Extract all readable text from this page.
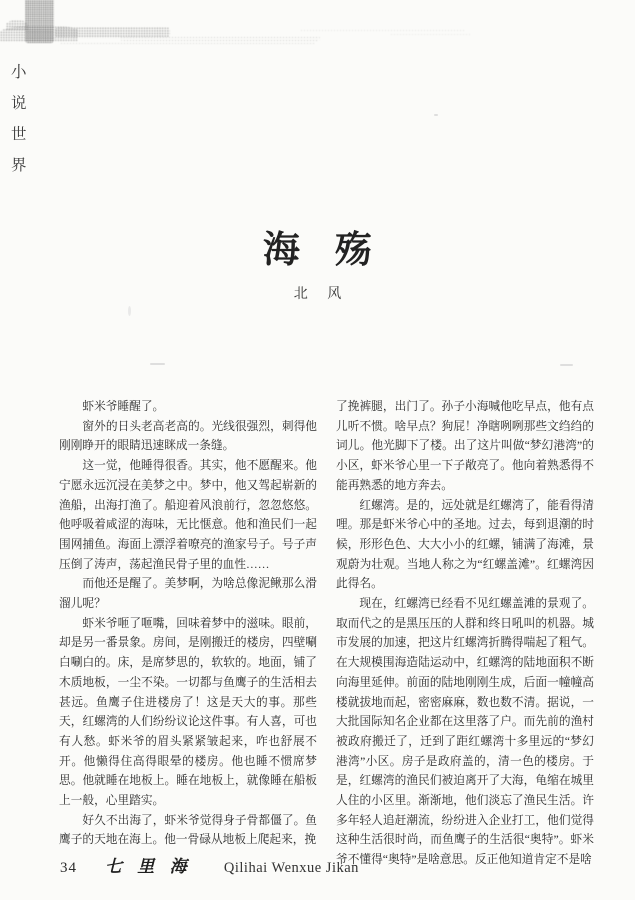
小
说
世
界
海殇
北风

虾米爷睡醒了。

窗外的日头老高老高的。光线很强烈，刺得他刚刚睁开的眼睛迅速眯成一条缝。

这一觉，他睡得很香。其实，他不愿醒来。他宁愿永远沉浸在美梦之中。梦中，他又驾起崭新的渔船，出海打渔了。船迎着风浪前行，忽忽悠悠。他呼吸着咸涩的海味，无比惬意。他和渔民们一起围网捕鱼。海面上漂浮着嘹亮的渔家号子。号子声压倒了涛声，荡起渔民骨子里的血性……

而他还是醒了。美梦啊，为啥总像泥鳅那么滑溜儿呢？

虾米爷咂了咂嘴，回味着梦中的滋味。眼前，却是另一番景象。房间，是刚搬迁的楼房，四壁唰白唰白的。床，是席梦思的，软软的。地面，铺了木质地板，一尘不染。一切都与鱼鹰子的生活相去甚远。鱼鹰子住进楼房了！这是天大的事。那些天，红螺湾的人们纷纷议论这件事。有人喜，可也有人愁。虾米爷的眉头紧紧皱起来，咋也舒展不开。他懒得住高得眼晕的楼房。他也睡不惯席梦思。他就睡在地板上。睡在地板上，就像睡在船板上一般，心里踏实。

好久不出海了，虾米爷觉得身子骨都僵了。鱼鹰子的天地在海上。他一骨碌从地板上爬起来，挽

了挽裤腿，出门了。孙子小海喊他吃早点，他有点儿听不惯。啥早点？狗屁！净瞎咧咧那些文绉绉的词儿。他光脚下了楼。出了这片叫做“梦幻港湾”的小区，虾米爷心里一下子敞亮了。他向着熟悉得不能再熟悉的地方奔去。

红螺湾。是的，远处就是红螺湾了，能看得清哩。那是虾米爷心中的圣地。过去，每到退潮的时候，形形色色、大大小小的红螺，铺满了海滩，景观蔚为壮观。当地人称之为“红螺盖滩”。红螺湾因此得名。

现在，红螺湾已经看不见红螺盖滩的景观了。取而代之的是黑压压的人群和终日吼叫的机器。城市发展的加速，把这片红螺湾折腾得喘起了粗气。在大规模围海造陆运动中，红螺湾的陆地面积不断向海里延伸。前面的陆地刚刚生成，后面一幢幢高楼就拔地而起，密密麻麻，数也数不清。据说，一大批国际知名企业都在这里落了户。而先前的渔村被政府搬迁了，迁到了距红螺湾十多里远的“梦幻港湾”小区。房子是政府盖的，清一色的楼房。于是，红螺湾的渔民们被迫离开了大海，龟缩在城里人住的小区里。渐渐地，他们淡忘了渔民生活。许多年轻人追赶潮流，纷纷进入企业打工，他们觉得这种生活很时尚，而鱼鹰子的生活很“奥特”。虾米爷不懂得“奥特”是啥意思。反正他知道肯定不是啥

34 七里海 Qilihai Wenxue Jikan
